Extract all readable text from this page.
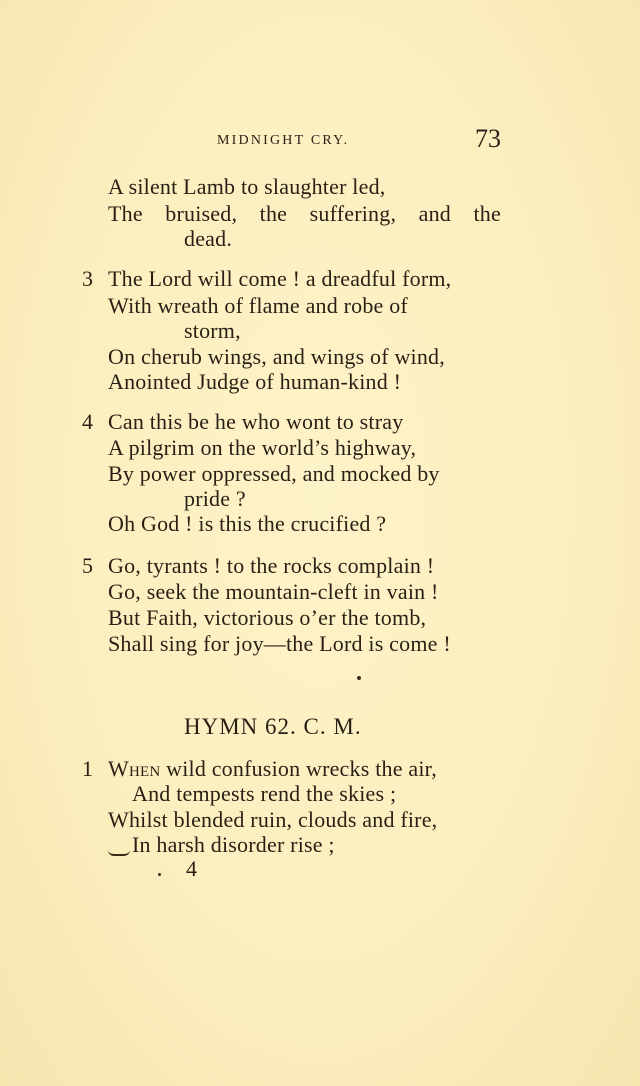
MIDNIGHT CRY.	73
A silent Lamb to slaughter led,
The bruised, the suffering, and the
dead.
3 The Lord will come ! a dreadful form,
With wreath of flame and robe of
storm,
On cherub wings, and wings of wind,
Anointed Judge of human-kind !
4 Can this be he who wont to stray
A pilgrim on the world’s highway,
By power oppressed, and mocked by
pride ?
Oh God ! is this the crucified ?
5 Go, tyrants ! to the rocks complain !
Go, seek the mountain-cleft in vain !
But Faith, victorious o’er the tomb,
Shall sing for joy—the Lord is come !
HYMN 62. C. M.
1 When wild confusion wrecks the air,
And tempests rend the skies ;
Whilst blended ruin, clouds and fire,
In harsh disorder rise ;
4
